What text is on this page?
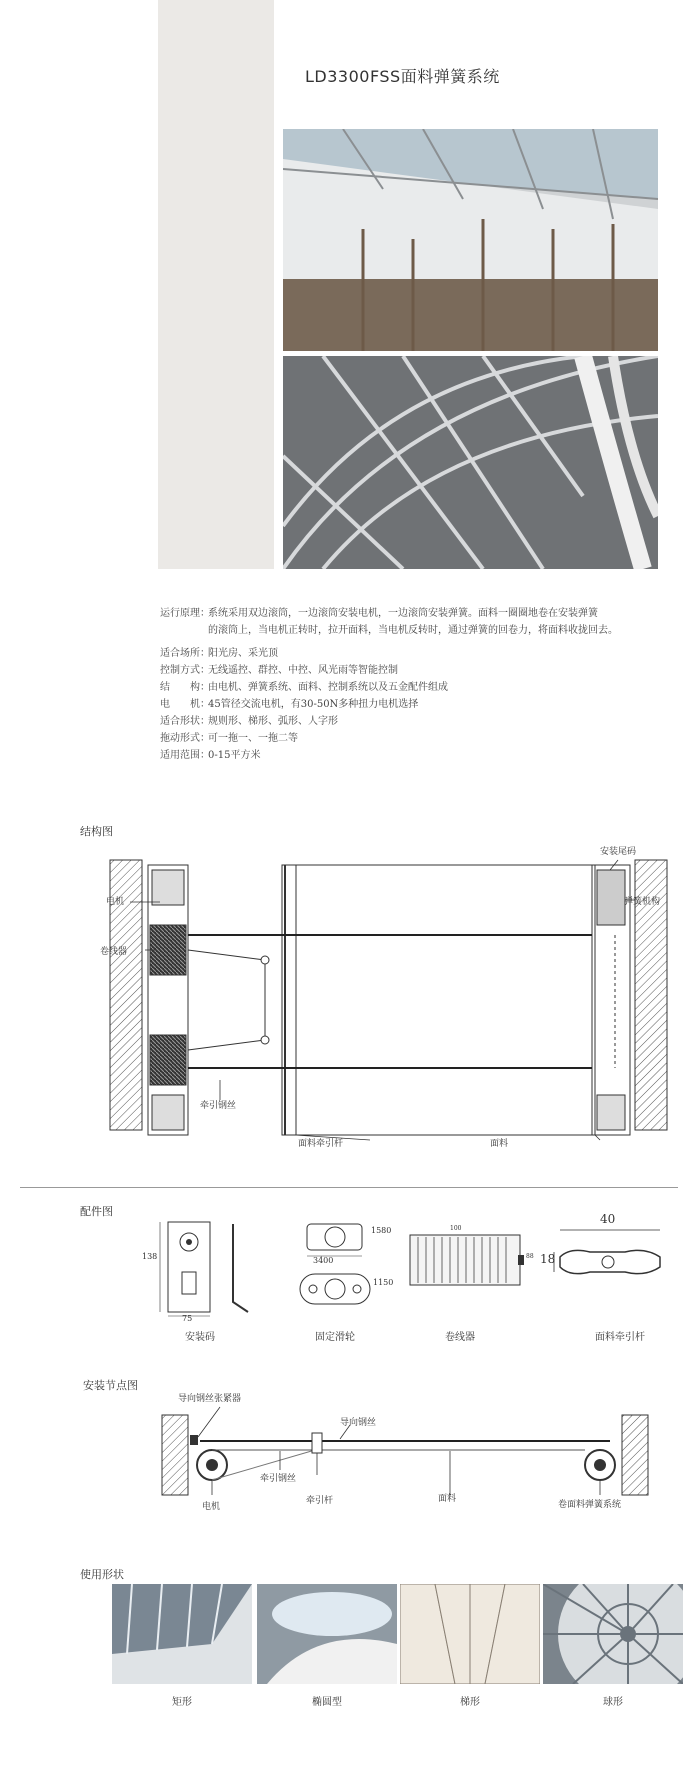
LD3300FSS面料弹簧系统
运行原理：系统采用双边滚筒，一边滚筒安装电机，一边滚筒安装弹簧。面料一圈圈地卷在安装弹簧
的滚筒上，当电机正转时，拉开面料，当电机反转时，通过弹簧的回卷力，将面料收拢回去。
适合场所：阳光房、采光顶
控制方式：无线遥控、群控、中控、风光雨等智能控制
结　　构：由电机、弹簧系统、面料、控制系统以及五金配件组成
电　　机：45管径交流电机，有30-50N多种扭力电机选择
适合形状：规则形、梯形、弧形、人字形
拖动形式：可一拖一、一拖二等
适用范围：0-15平方米
结构图
电机
卷线器
牵引钢丝
安装尾码
弹簧机构
面料牵引杆	面料
配件图
138
75
安装码
3400
1580
1150
固定滑轮
100
88
卷线器
40
18
面料牵引杆
安装节点图
导向钢丝张紧器
导向钢丝
牵引钢丝
牵引杆	面料
电机	卷面料弹簧系统
使用形状
矩形	椭圆型	梯形	球形
